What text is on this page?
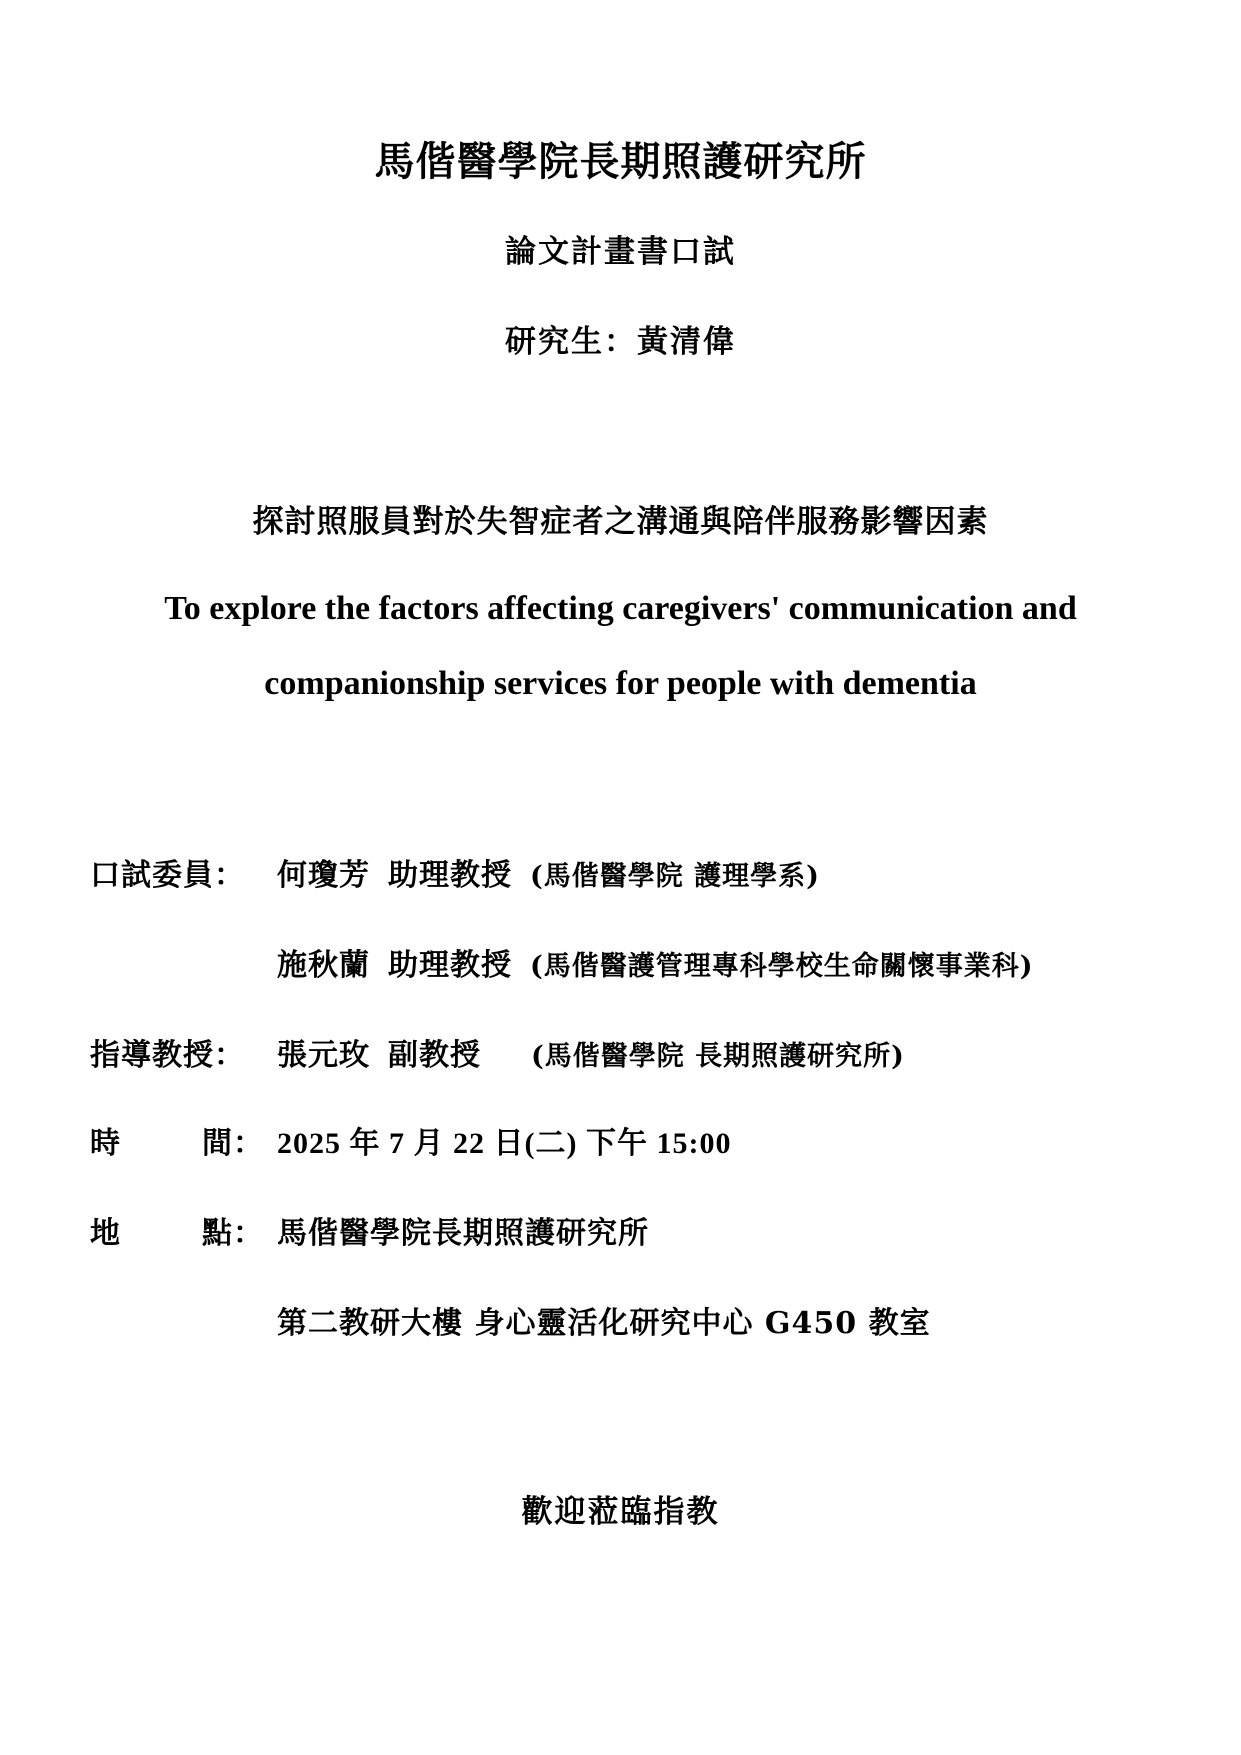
馬偕醫學院長期照護研究所
論文計畫書口試
研究生：黃清偉
探討照服員對於失智症者之溝通與陪伴服務影響因素
To explore the factors affecting caregivers' communication and
companionship services for people with dementia
口試委員： 何瓊芳 助理教授 (馬偕醫學院 護理學系)
施秋蘭 助理教授 (馬偕醫護管理專科學校生命關懷事業科)
指導教授： 張元玫 副教授 (馬偕醫學院 長期照護研究所)
時	間： 2025 年 7 月 22 日(二) 下午 15:00
地	點： 馬偕醫學院長期照護研究所
第二教研大樓 身心靈活化研究中心 G450 教室
歡迎蒞臨指教
